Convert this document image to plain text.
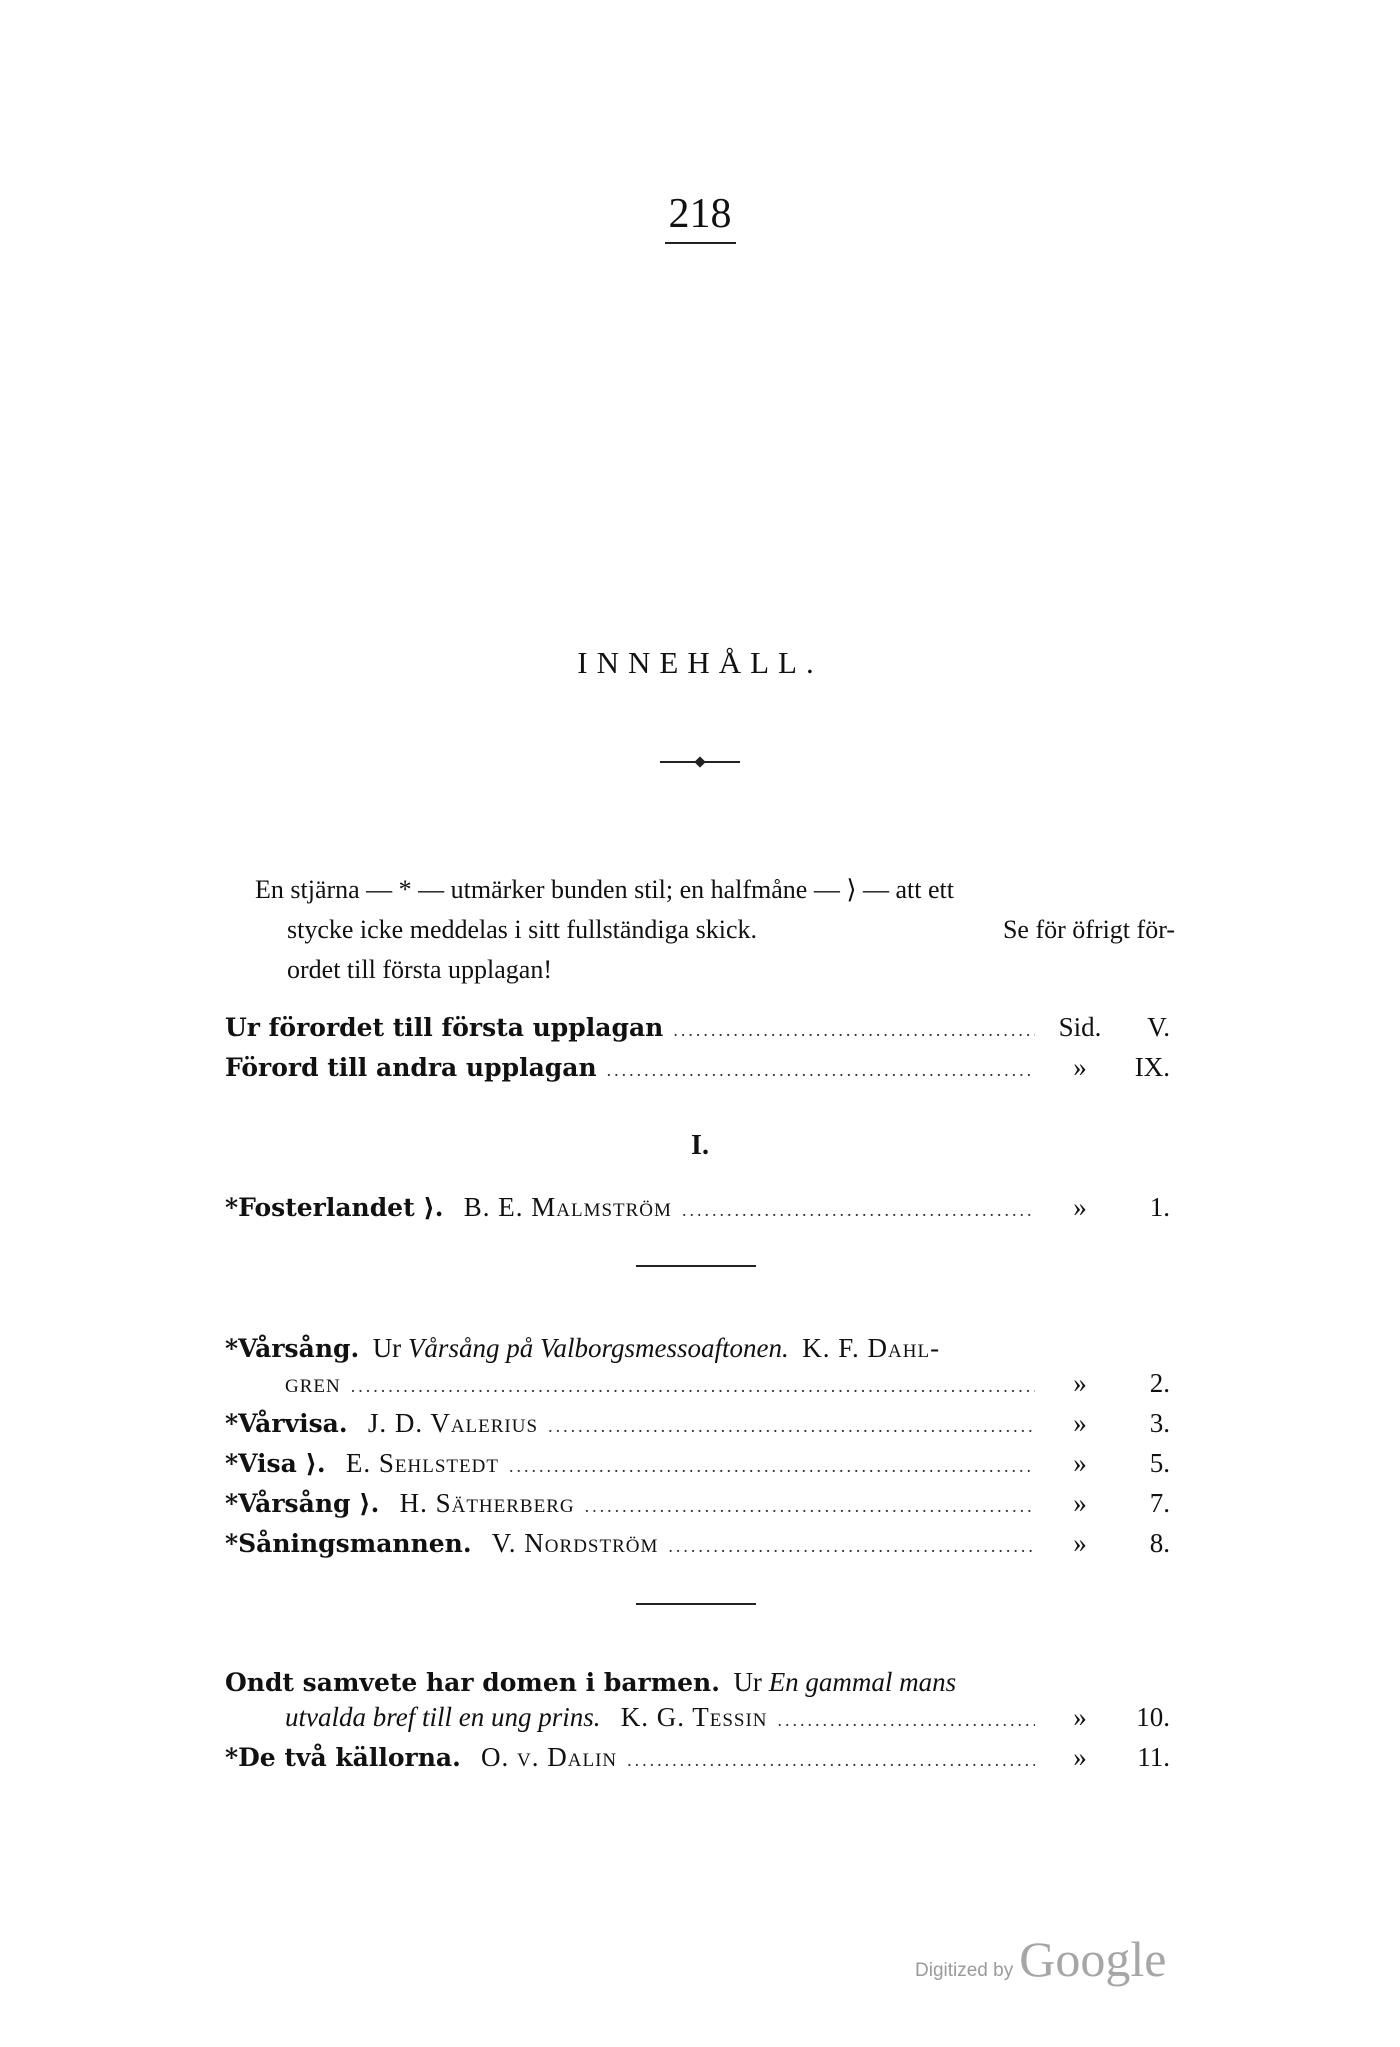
218
INNEHÅLL.
En stjärna — * — utmärker bunden stil; en halfmåne — ⟩ — att ett
stycke icke meddelas i sitt fullständiga skick.	Se för öfrigt för-
ordet till första upplagan!
Ur förordet till första upplagan .....	Sid.	V.
Förord till andra upplagan .....	»	IX.
I.
*Fosterlandet ⟩. B. E. Malmström .....	»	1.
*Vårsång. Ur Vårsång på Valborgsmessoaftonen. K. F. Dahl-
gren .....	»	2.
*Vårvisa. J. D. Valerius .....	»	3.
*Visa ⟩. E. Sehlstedt .....	»	5.
*Vårsång ⟩. H. Sätherberg .....	»	7.
*Såningsmannen. V. Nordström .....	»	8.
Ondt samvete har domen i barmen. Ur En gammal mans
utvalda bref till en ung prins. K. G. Tessin .....	»	10.
*De två källorna. O. v. Dalin .....	»	11.
Digitized by Google
